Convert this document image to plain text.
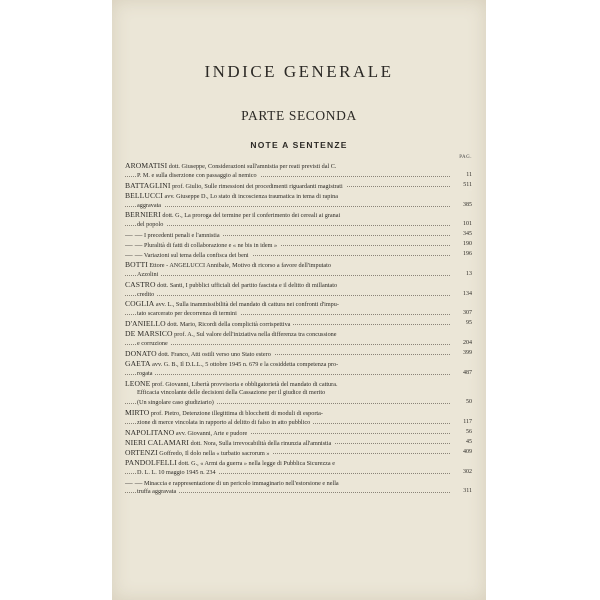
INDICE GENERALE
PARTE SECONDA
NOTE A SENTENZE
PAG.
AROMATISI dott. Giuseppe, Considerazioni sull'amnistia per reati previsti dal C.
P. M. e sulla diserzione con passaggio al nemico	11
BATTAGLINI prof. Giulio, Sulle rimessioni dei procedimenti riguardanti magistrati	511
BELLUCCI avv. Giuseppe D., Lo stato di incoscienza traumatica in tema di rapina
aggravata	385
BERNIERI dott. G., La proroga del termine per il conferimento dei cereali ai granai
del popolo	101
— — I precedenti penali e l'amnistia	345
— — Pluralità di fatti di collaborazione e « ne bis in idem »	190
— — Variazioni sul tema della confisca dei beni	196
BOTTI Ettore - ANGELUCCI Annibale, Motivo di ricorso a favore dell'imputato
Azzolini	13
CASTRO dott. Santi, I pubblici ufficiali del partito fascista e il delitto di millantato
credito	134
COGLIA avv. L., Sulla inammissibilità del mandato di cattura nei confronti d'impu-
tato scarcerato per decorrenza di termini	307
D'ANIELLO dott. Mario, Ricordi della complicità corrispettiva	95
DE MARSICO prof. A., Sul valore dell'iniziativa nella differenza tra concussione
e corruzione	204
DONATO dott. Franco, Atti ostili verso uno Stato estero	399
GAETA avv. G. B., Il D.L.L., 5 ottobre 1945 n. 679 e la cosiddetta competenza pro-
rogata	487
LEONE prof. Giovanni, Libertà provvisoria e obbligatorietà del mandato di cattura.
Efficacia vincolante delle decisioni della Cassazione per il giudice di merito
(Un singolare caso giudiziario)	50
MIRTO prof. Pietro, Detenzione illegittima di blocchetti di moduli di esporta-
zione di merce vincolata in rapporto al delitto di falso in atto pubblico	117
NAPOLITANO avv. Giovanni, Arte e pudore	56
NIERI CALAMARI dott. Nora, Sulla irrevocabilità della rinunzia all'amnistia	45
ORTENZI Goffredo, Il dolo nella « turbatio sacrorum »	409
PANDOLFELLI dott. G., « Armi da guerra » nella legge di Pubblica Sicurezza e
D. L. L. 10 maggio 1945 n. 234	302
— — Minaccia e rappresentazione di un pericolo immaginario nell'estorsione e nella
truffa aggravata	311
